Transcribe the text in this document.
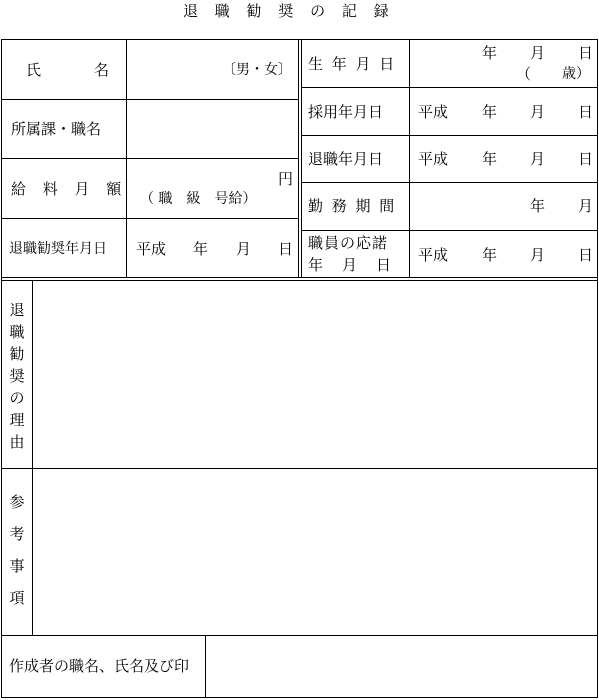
退 職 勧 奨 の 記 録
氏　　　名	〔男・女〕
所属課・職名
給 料 月 額
円
（ 職　級　号給）
退職勧奨年月日 平成 年 月 日
生 年 月 日
年 月 日
（ 歳）
採用年月日 平成 年 月 日
退職年月日 平成 年 月 日
勤 務 期 間	年 月
職員の応諾
年　月　日
平成 年 月 日
退職勧奨の理由
参考事項
作成者の職名、氏名及び印
